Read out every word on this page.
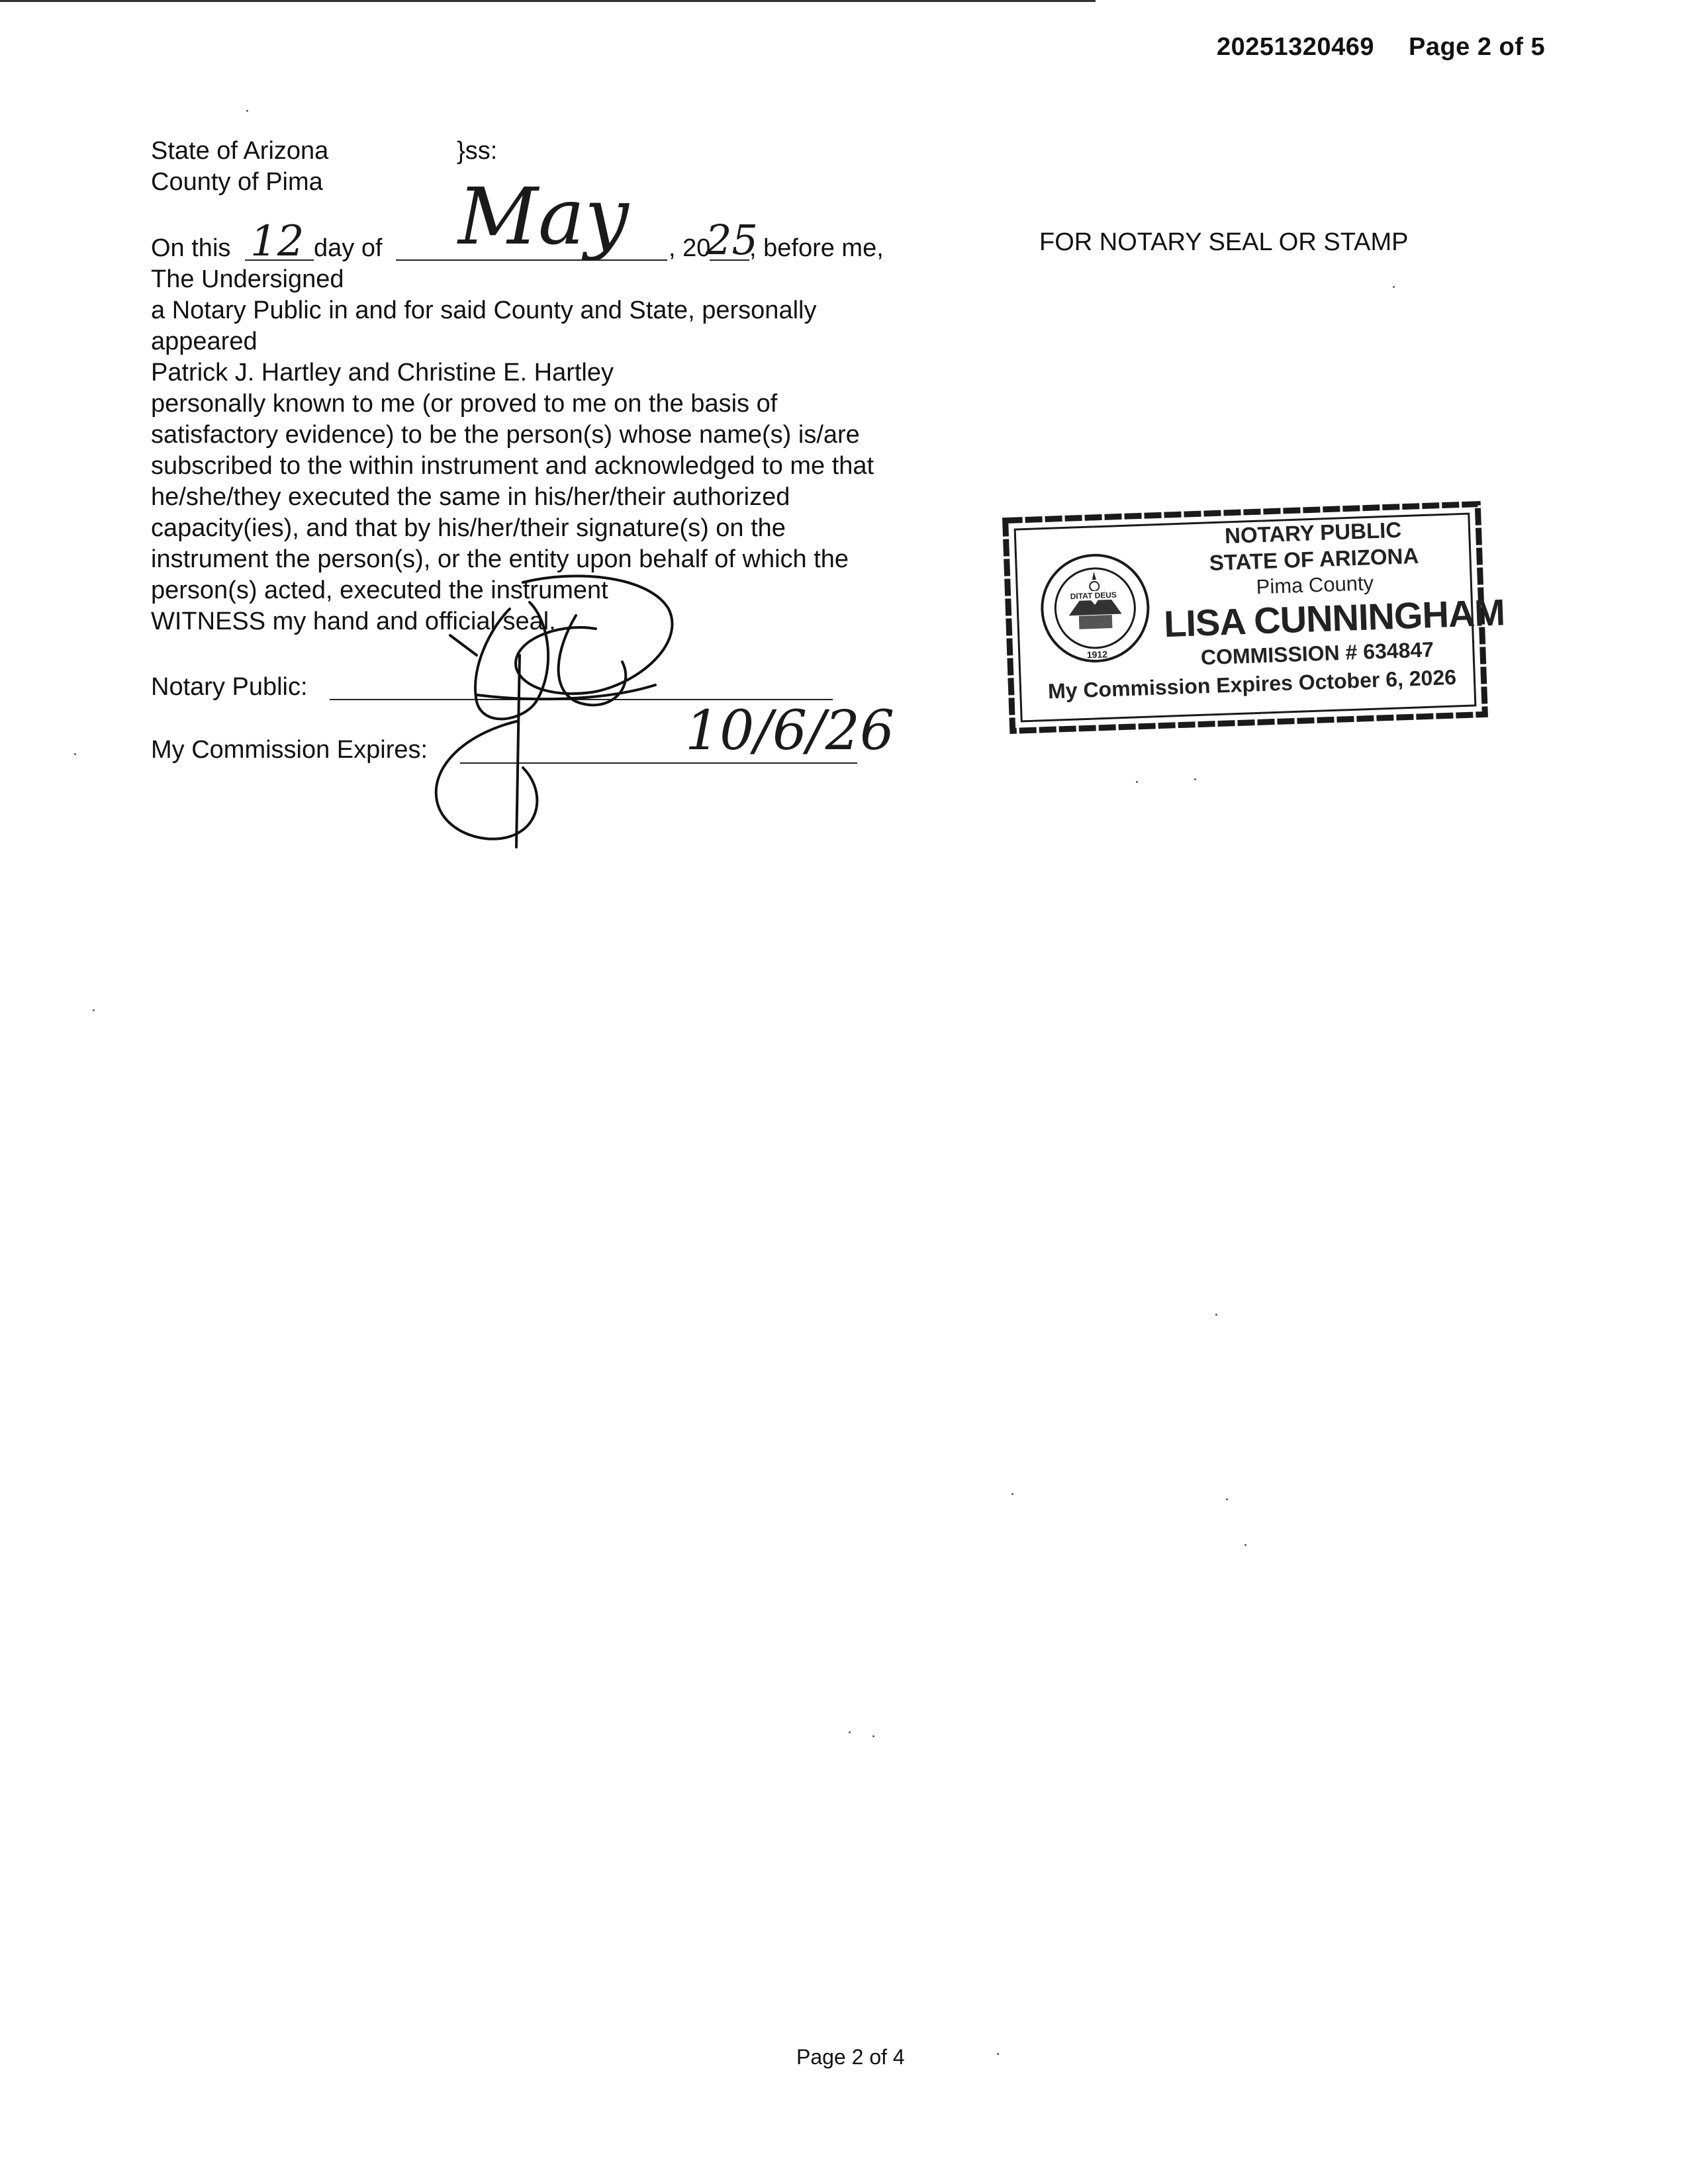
20251320469 Page 2 of 5
State of Arizona	}ss:
County of Pima
On this 12 day of May , 20
25
, before me,
The Undersigned
a Notary Public in and for said County and State, personally
appeared
Patrick J. Hartley and Christine E. Hartley
personally known to me (or proved to me on the basis of
satisfactory evidence) to be the person(s) whose name(s) is/are
subscribed to the within instrument and acknowledged to me that
he/she/they executed the same in his/her/their authorized
capacity(ies), and that by his/her/their signature(s) on the
instrument the person(s), or the entity upon behalf of which the
person(s) acted, executed the instrument
WITNESS my hand and official seal.
Notary Public:
My Commission Expires:	10/6/26
FOR NOTARY SEAL OR STAMP
DITAT DEUS
1912
NOTARY PUBLIC
STATE OF ARIZONA
Pima County
LISA CUNNINGHAM
COMMISSION # 634847
My Commission Expires October 6, 2026
Page 2 of 4
